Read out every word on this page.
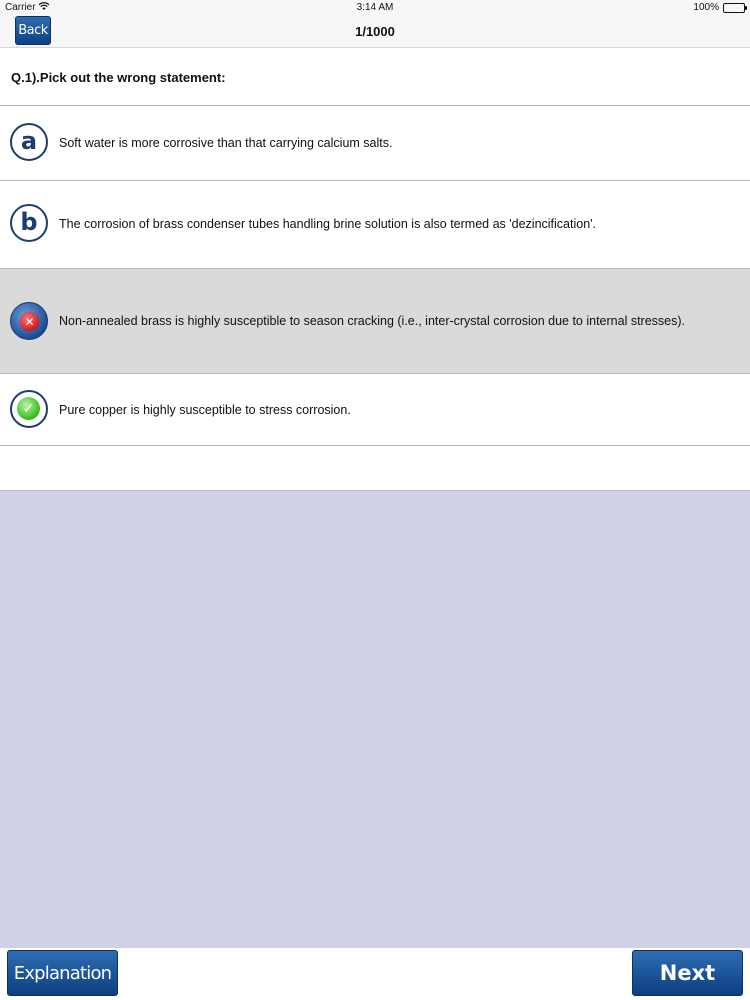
Carrier	3:14 AM	100%
Back	1/1000
Q.1).Pick out the wrong statement:
a Soft water is more corrosive than that carrying calcium salts.
b The corrosion of brass condenser tubes handling brine solution is also termed as 'dezincification'.
✕	Non-annealed brass is highly susceptible to season cracking (i.e., inter-crystal corrosion due to internal stresses).
✓	Pure copper is highly susceptible to stress corrosion.
Explanation	Next
